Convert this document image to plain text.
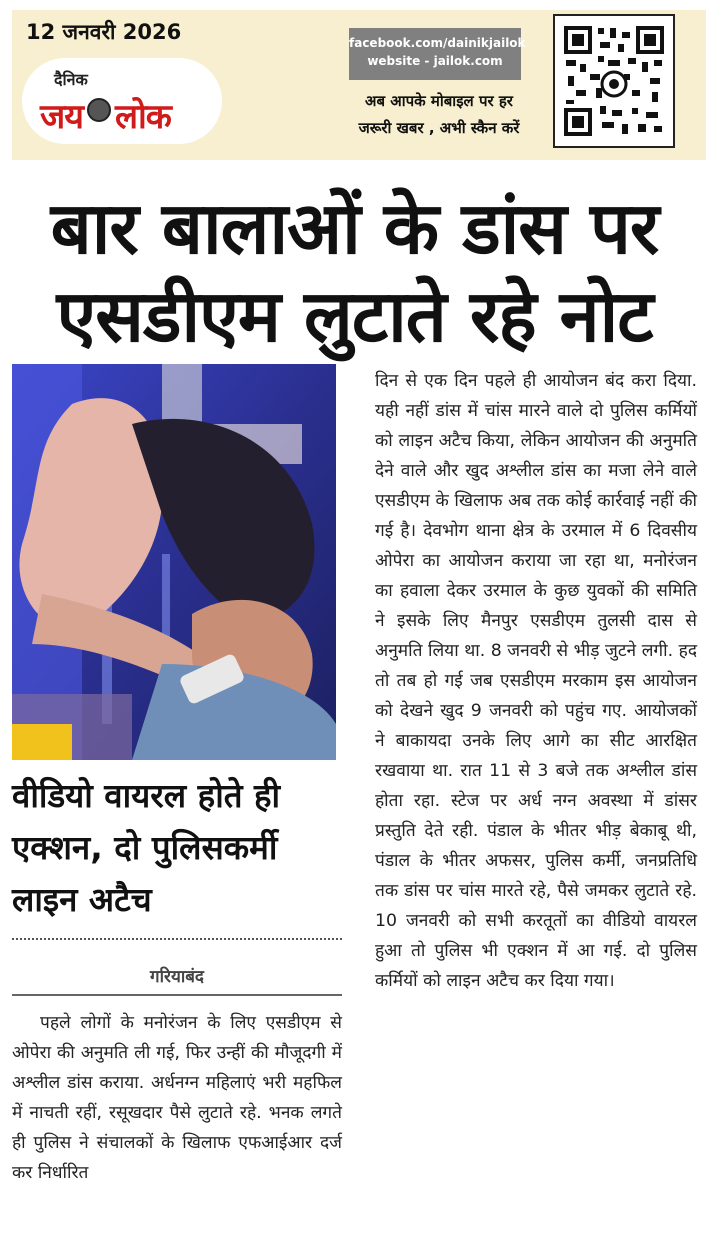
12 जनवरी 2026
दैनिक
जय लोक
facebook.com/dainikjailok
website - jailok.com
अब आपके मोबाइल पर हर
जरूरी खबर , अभी स्कैन करें
बार बालाओं के डांस पर
एसडीएम लुटाते रहे नोट
वीडियो वायरल होते ही एक्शन, दो पुलिसकर्मी लाइन अटैच
गरियाबंद
पहले लोगों के मनोरंजन के लिए एसडीएम से ओपेरा की अनुमति ली गई, फिर उन्हीं की मौजूदगी में अश्लील डांस कराया. अर्धनग्न महिलाएं भरी महफिल में नाचती रहीं, रसूखदार पैसे लुटाते रहे. भनक लगते ही पुलिस ने संचालकों के खिलाफ एफआईआर दर्ज कर निर्धारित
दिन से एक दिन पहले ही आयोजन बंद करा दिया. यही नहीं डांस में चांस मारने वाले दो पुलिस कर्मियों को लाइन अटैच किया, लेकिन आयोजन की अनुमति देने वाले और खुद अश्लील डांस का मजा लेने वाले एसडीएम के खिलाफ अब तक कोई कार्रवाई नहीं की गई है। देवभोग थाना क्षेत्र के उरमाल में 6 दिवसीय ओपेरा का आयोजन कराया जा रहा था, मनोरंजन का हवाला देकर उरमाल के कुछ युवकों की समिति ने इसके लिए मैनपुर एसडीएम तुलसी दास से अनुमति लिया था. 8 जनवरी से भीड़ जुटने लगी. हद तो तब हो गई जब एसडीएम मरकाम इस आयोजन को देखने खुद 9 जनवरी को पहुंच गए. आयोजकों ने बाकायदा उनके लिए आगे का सीट आरक्षित रखवाया था. रात 11 से 3 बजे तक अश्लील डांस होता रहा. स्टेज पर अर्ध नग्न अवस्था में डांसर प्रस्तुति देते रही. पंडाल के भीतर भीड़ बेकाबू थी, पंडाल के भीतर अफसर, पुलिस कर्मी, जनप्रतिधि तक डांस पर चांस मारते रहे, पैसे जमकर लुटाते रहे. 10 जनवरी को सभी करतूतों का वीडियो वायरल हुआ तो पुलिस भी एक्शन में आ गई. दो पुलिस कर्मियों को लाइन अटैच कर दिया गया।
